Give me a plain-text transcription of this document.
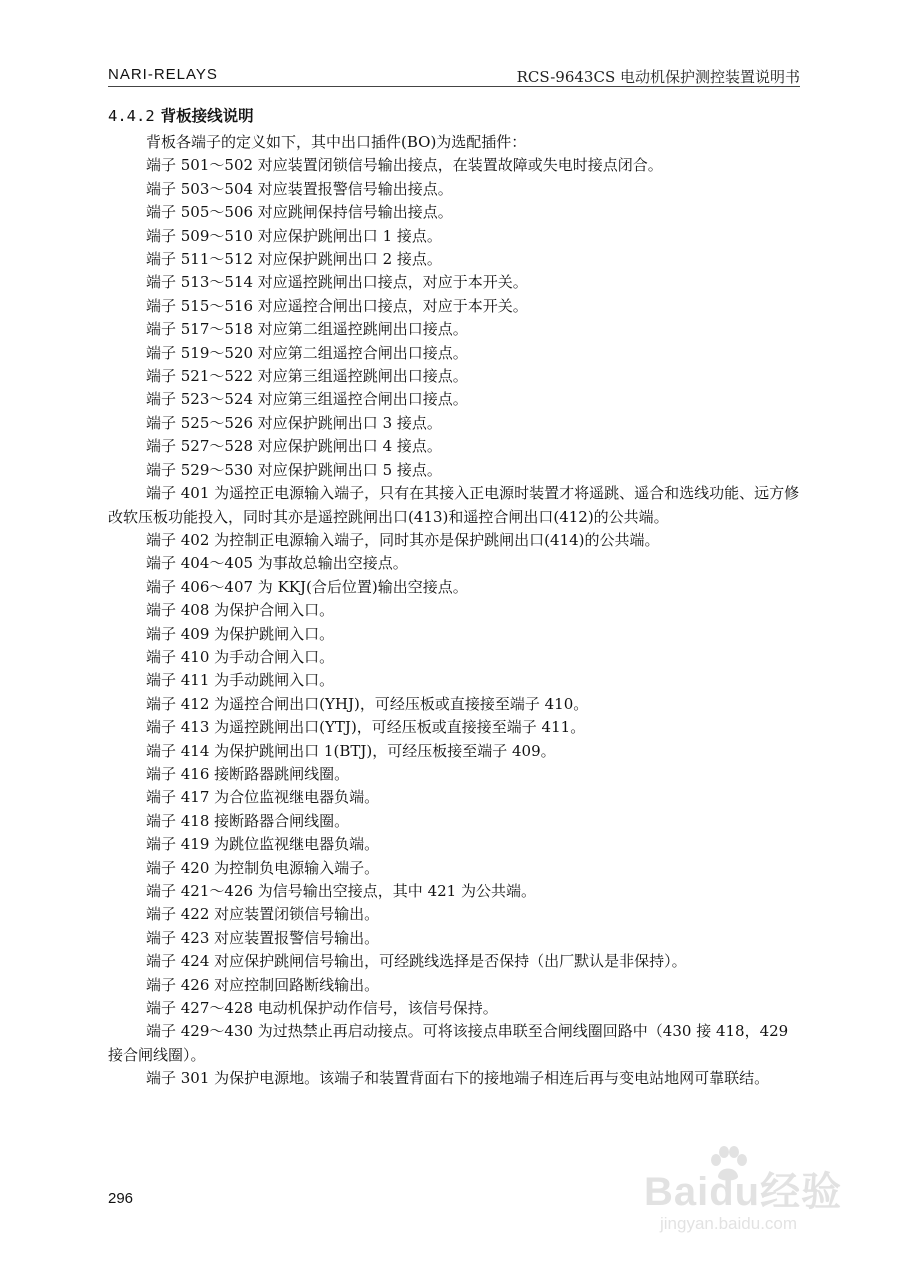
NARI-RELAYS	RCS-9643CS 电动机保护测控装置说明书
4.4.2 背板接线说明

背板各端子的定义如下，其中出口插件(BO)为选配插件：

端子 501～502 对应装置闭锁信号输出接点，在装置故障或失电时接点闭合。

端子 503～504 对应装置报警信号输出接点。

端子 505～506 对应跳闸保持信号输出接点。

端子 509～510 对应保护跳闸出口 1 接点。

端子 511～512 对应保护跳闸出口 2 接点。

端子 513～514 对应遥控跳闸出口接点，对应于本开关。

端子 515～516 对应遥控合闸出口接点，对应于本开关。

端子 517～518 对应第二组遥控跳闸出口接点。

端子 519～520 对应第二组遥控合闸出口接点。

端子 521～522 对应第三组遥控跳闸出口接点。

端子 523～524 对应第三组遥控合闸出口接点。

端子 525～526 对应保护跳闸出口 3 接点。

端子 527～528 对应保护跳闸出口 4 接点。

端子 529～530 对应保护跳闸出口 5 接点。

端子 401 为遥控正电源输入端子，只有在其接入正电源时装置才将遥跳、遥合和选线功能、远方修改软压板功能投入，同时其亦是遥控跳闸出口(413)和遥控合闸出口(412)的公共端。

端子 402 为控制正电源输入端子，同时其亦是保护跳闸出口(414)的公共端。

端子 404～405 为事故总输出空接点。

端子 406～407 为 KKJ(合后位置)输出空接点。

端子 408 为保护合闸入口。

端子 409 为保护跳闸入口。

端子 410 为手动合闸入口。

端子 411 为手动跳闸入口。

端子 412 为遥控合闸出口(YHJ)，可经压板或直接接至端子 410。

端子 413 为遥控跳闸出口(YTJ)，可经压板或直接接至端子 411。

端子 414 为保护跳闸出口 1(BTJ)，可经压板接至端子 409。

端子 416 接断路器跳闸线圈。

端子 417 为合位监视继电器负端。

端子 418 接断路器合闸线圈。

端子 419 为跳位监视继电器负端。

端子 420 为控制负电源输入端子。

端子 421～426 为信号输出空接点，其中 421 为公共端。

端子 422 对应装置闭锁信号输出。

端子 423 对应装置报警信号输出。

端子 424 对应保护跳闸信号输出，可经跳线选择是否保持（出厂默认是非保持）。

端子 426 对应控制回路断线输出。

端子 427～428 电动机保护动作信号，该信号保持。

端子 429～430 为过热禁止再启动接点。可将该接点串联至合闸线圈回路中（430 接 418，429 接合闸线圈）。

端子 301 为保护电源地。该端子和装置背面右下的接地端子相连后再与变电站地网可靠联结。

296	Baidu经验
jingyan.baidu.com
